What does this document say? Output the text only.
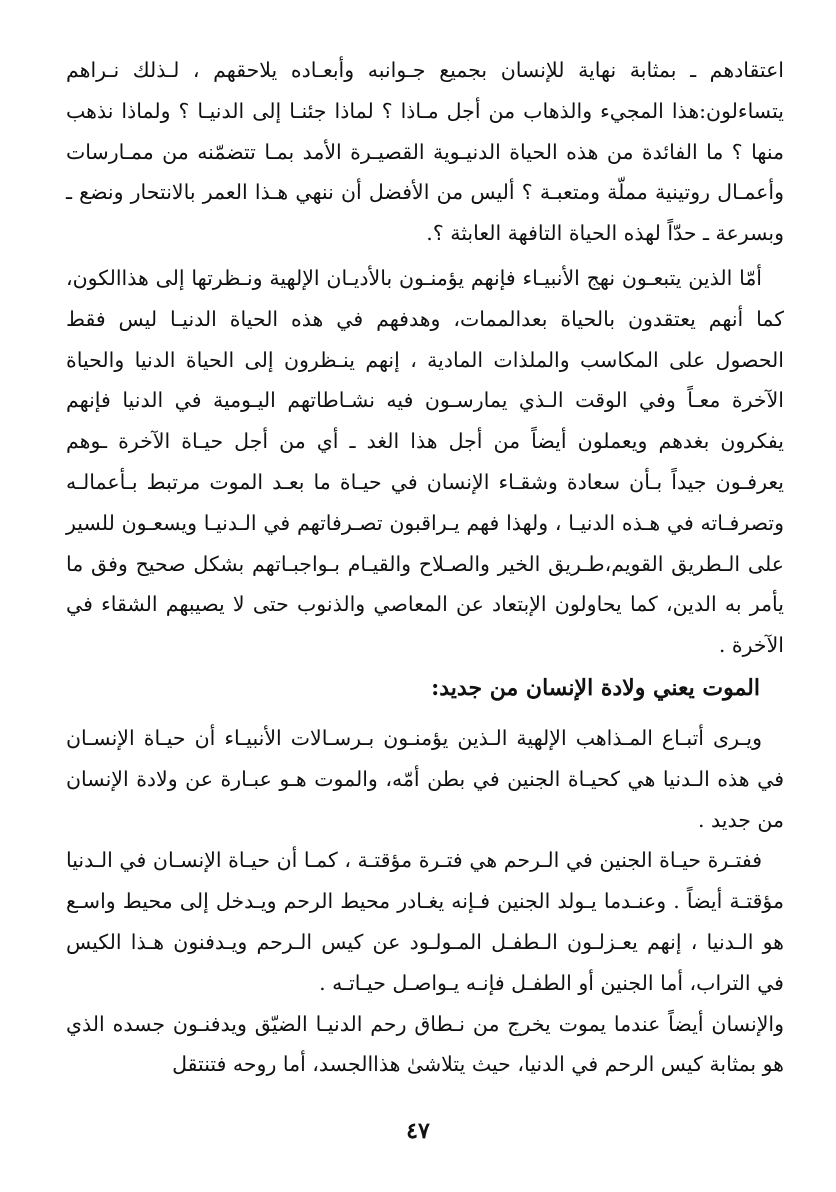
اعتقادهم ـ بمثابة نهاية للإنسان بجميع جـوانبه وأبعـاده يلاحقهم ، لـذلك نـراهم يتساءلون:هذا المجيء والذهاب من أجل مـاذا ؟ لماذا جئنـا إلى الدنيـا ؟ ولماذا نذهب منها ؟ ما الفائدة من هذه الحياة الدنيـوية القصيـرة الأمد بمـا تتضمّنه من ممـارسات وأعمـال روتينية مملّة ومتعبـة ؟ أليس من الأفضل أن ننهي هـذا العمر بالانتحار ونضع ـ وبسرعة ـ حدّاً لهذه الحياة التافهة العابثة ؟.

أمّا الذين يتبعـون نهج الأنبيـاء فإنهم يؤمنـون بالأديـان الإلهية ونـظرتها إلى هذاالكون، كما أنهم يعتقدون بالحياة بعدالممات، وهدفهم في هذه الحياة الدنيـا ليس فقط الحصول على المكاسب والملذات المادية ، إنهم ينـظرون إلى الحياة الدنيا والحياة الآخرة معـاً وفي الوقت الـذي يمارسـون فيه نشـاطاتهم اليـومية في الدنيا فإنهم يفكرون بغدهم ويعملون أيضاً من أجل هذا الغد ـ أي من أجل حيـاة الآخرة ـوهم يعرفـون جيداً بـأن سعادة وشقـاء الإنسان في حيـاة ما بعـد الموت مرتبط بـأعمالـه وتصرفـاته في هـذه الدنيـا ، ولهذا فهم يـراقبون تصـرفاتهم في الـدنيـا ويسعـون للسير على الـطريق القويم،طـريق الخير والصـلاح والقيـام بـواجبـاتهم بشكل صحيح وفق ما يأمر به الدين، كما يحاولون الإبتعاد عن المعاصي والذنوب حتى لا يصيبهم الشقاء في الآخرة .

الموت يعني ولادة الإنسان من جديد:

ويـرى أتبـاع المـذاهب الإلهية الـذين يؤمنـون بـرسـالات الأنبيـاء أن حيـاة الإنسـان في هذه الـدنيا هي كحيـاة الجنين في بطن أمّه، والموت هـو عبـارة عن ولادة الإنسان من جديد .

ففتـرة حيـاة الجنين في الـرحم هي فتـرة مؤقتـة ، كمـا أن حيـاة الإنسـان في الـدنيا مؤقتـة أيضاً . وعنـدما يـولد الجنين فـإنه يغـادر محيط الرحم ويـدخل إلى محيط واسـع هو الـدنيا ، إنهم يعـزلـون الـطفـل المـولـود عن كيس الـرحم ويـدفنون هـذا الكيس في التراب، أما الجنين أو الطفـل فإنـه يـواصـل حيـاتـه .

والإنسان أيضاً عندما يموت يخرج من نـطاق رحم الدنيـا الضيّق ويدفنـون جسده الذي هو بمثابة كيس الرحم في الدنيا، حيث يتلاشىٰ هذاالجسد، أما روحه فتنتقل

٤٧
